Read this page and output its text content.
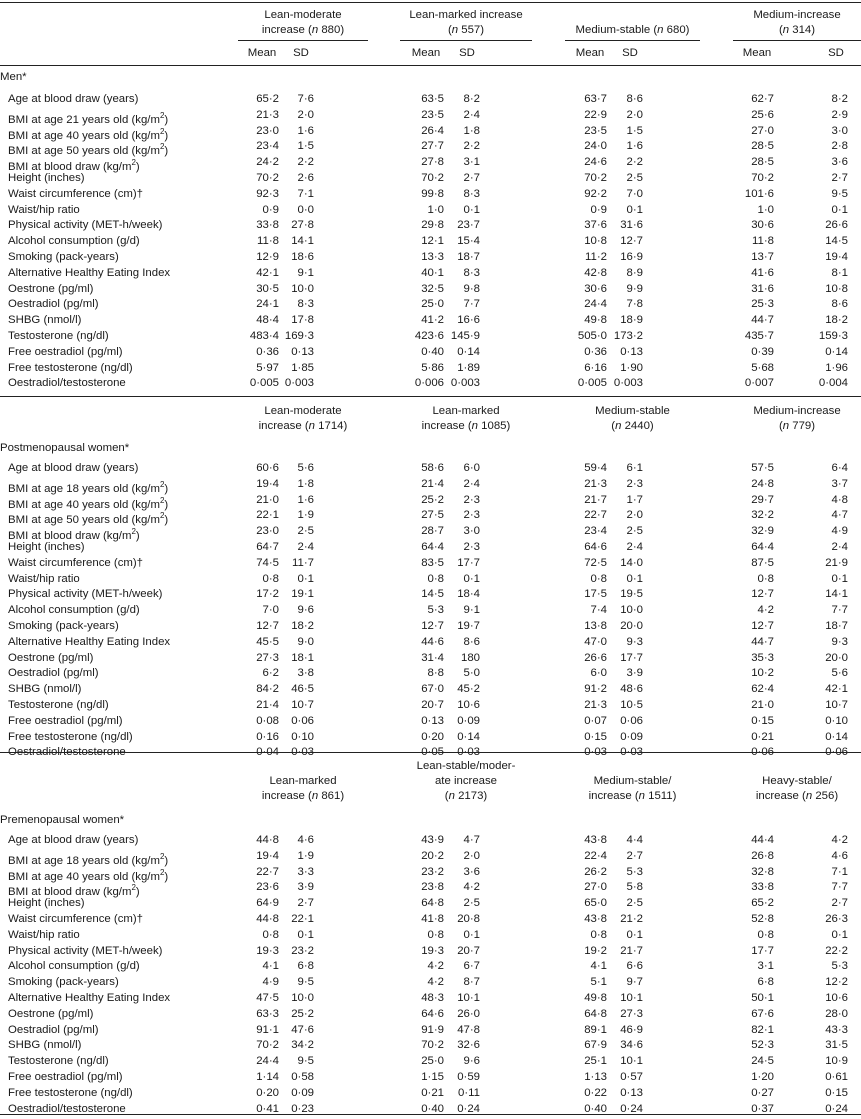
Lean-moderate
increase (n 880)
Mean	SD
Lean-marked increase
(n 557)
Mean	SD
Medium-stable (n 680)
Mean	SD
Medium-increase
(n 314)
Mean	SD
Men*
Age at blood draw (years)	65·2	7·6	63·5	8·2	63·7	8·6	62·7	8·2
BMI at age 21 years old $(kg/m^2)$	21·3	2·0	23·5	2·4	22·9	2·0	25·6	2·9
BMI at age 40 years old $(kg/m^2)$	23·0	1·6	26·4	1·8	23·5	1·5	27·0	3·0
BMI at age 50 years old $(kg/m^2)$	23·4	1·5	27·7	2·2	24·0	1·6	28·5	2·8
BMI at blood draw $(kg/m^2)$	24·2	2·2	27·8	3·1	24·6	2·2	28·5	3·6
Height (inches)	70·2	2·6	70·2	2·7	70·2	2·5	70·2	2·7
Waist circumference (cm)†	92·3	7·1	99·8	8·3	92·2	7·0	101·6	9·5
Waist/hip ratio	0·9	0·0	1·0	0·1	0·9	0·1	1·0	0·1
Physical activity (MET-h/week)	33·8	27·8	29·8	23·7	37·6	31·6	30·6	26·6
Alcohol consumption (g/d)	11·8	14·1	12·1	15·4	10·8	12·7	11·8	14·5
Smoking (pack-years)	12·9	18·6	13·3	18·7	11·2	16·9	13·7	19·4
Alternative Healthy Eating Index	42·1	9·1	40·1	8·3	42·8	8·9	41·6	8·1
Oestrone (pg/ml)	30·5	10·0	32·5	9·8	30·6	9·9	31·6	10·8
Oestradiol (pg/ml)	24·1	8·3	25·0	7·7	24·4	7·8	25·3	8·6
SHBG (nmol/l)	48·4	17·8	41·2	16·6	49·8	18·9	44·7	18·2
Testosterone (ng/dl)	483·4 169·3	423·6 145·9	505·0 173·2	435·7	159·3
Free oestradiol (pg/ml)	0·36	0·13	0·40	0·14	0·36	0·13	0·39	0·14
Free testosterone (ng/dl)	5·97	1·85	5·86	1·89	6·16	1·90	5·68	1·96
Oestradiol/testosterone	0·005 0·003	0·006 0·003	0·005 0·003	0·007	0·004
Lean-moderate
increase (n 1714)
Lean-marked
increase (n 1085)
Medium-stable
(n 2440)
Medium-increase
(n 779)
Postmenopausal women*
Age at blood draw (years)	60·6	5·6	58·6	6·0	59·4	6·1	57·5	6·4
BMI at age 18 years old $(kg/m^2)$	19·4	1·8	21·4	2·4	21·3	2·3	24·8	3·7
BMI at age 40 years old $(kg/m^2)$	21·0	1·6	25·2	2·3	21·7	1·7	29·7	4·8
BMI at age 50 years old $(kg/m^2)$	22·1	1·9	27·5	2·3	22·7	2·0	32·2	4·7
BMI at blood draw $(kg/m^2)$	23·0	2·5	28·7	3·0	23·4	2·5	32·9	4·9
Height (inches)	64·7	2·4	64·4	2·3	64·6	2·4	64·4	2·4
Waist circumference (cm)†	74·5	11·7	83·5	17·7	72·5	14·0	87·5	21·9
Waist/hip ratio	0·8	0·1	0·8	0·1	0·8	0·1	0·8	0·1
Physical activity (MET-h/week)	17·2	19·1	14·5	18·4	17·5	19·5	12·7	14·1
Alcohol consumption (g/d)	7·0	9·6	5·3	9·1	7·4	10·0	4·2	7·7
Smoking (pack-years)	12·7	18·2	12·7	19·7	13·8	20·0	12·7	18·7
Alternative Healthy Eating Index	45·5	9·0	44·6	8·6	47·0	9·3	44·7	9·3
Oestrone (pg/ml)	27·3	18·1	31·4	180	26·6	17·7	35·3	20·0
Oestradiol (pg/ml)	6·2	3·8	8·8	5·0	6·0	3·9	10·2	5·6
SHBG (nmol/l)	84·2	46·5	67·0	45·2	91·2	48·6	62·4	42·1
Testosterone (ng/dl)	21·4	10·7	20·7	10·6	21·3	10·5	21·0	10·7
Free oestradiol (pg/ml)	0·08	0·06	0·13	0·09	0·07	0·06	0·15	0·10
Free testosterone (ng/dl)	0·16	0·10	0·20	0·14	0·15	0·09	0·21	0·14
Oestradiol/testosterone	0·04	0·03	0·05	0·03	0·03	0·03	0·06	0·06
Lean-marked
increase (n 861)
Lean-stable/moder-
ate increase
(n 2173)
Medium-stable/
increase (n 1511)
Heavy-stable/
increase (n 256)
Premenopausal women*
Age at blood draw (years)	44·8	4·6	43·9	4·7	43·8	4·4	44·4	4·2
BMI at age 18 years old $(kg/m^2)$	19·4	1·9	20·2	2·0	22·4	2·7	26·8	4·6
BMI at age 40 years old $(kg/m^2)$	22·7	3·3	23·2	3·6	26·2	5·3	32·8	7·1
BMI at blood draw $(kg/m^2)$	23·6	3·9	23·8	4·2	27·0	5·8	33·8	7·7
Height (inches)	64·9	2·7	64·8	2·5	65·0	2·5	65·2	2·7
Waist circumference (cm)†	44·8	22·1	41·8	20·8	43·8	21·2	52·8	26·3
Waist/hip ratio	0·8	0·1	0·8	0·1	0·8	0·1	0·8	0·1
Physical activity (MET-h/week)	19·3	23·2	19·3	20·7	19·2	21·7	17·7	22·2
Alcohol consumption (g/d)	4·1	6·8	4·2	6·7	4·1	6·6	3·1	5·3
Smoking (pack-years)	4·9	9·5	4·2	8·7	5·1	9·7	6·8	12·2
Alternative Healthy Eating Index	47·5	10·0	48·3	10·1	49·8	10·1	50·1	10·6
Oestrone (pg/ml)	63·3	25·2	64·6	26·0	64·8	27·3	67·6	28·0
Oestradiol (pg/ml)	91·1	47·6	91·9	47·8	89·1	46·9	82·1	43·3
SHBG (nmol/l)	70·2	34·2	70·2	32·6	67·9	34·6	52·3	31·5
Testosterone (ng/dl)	24·4	9·5	25·0	9·6	25·1	10·1	24·5	10·9
Free oestradiol (pg/ml)	1·14	0·58	1·15	0·59	1·13	0·57	1·20	0·61
Free testosterone (ng/dl)	0·20	0·09	0·21	0·11	0·22	0·13	0·27	0·15
Oestradiol/testosterone	0·41	0·23	0·40	0·24	0·40	0·24	0·37	0·24
